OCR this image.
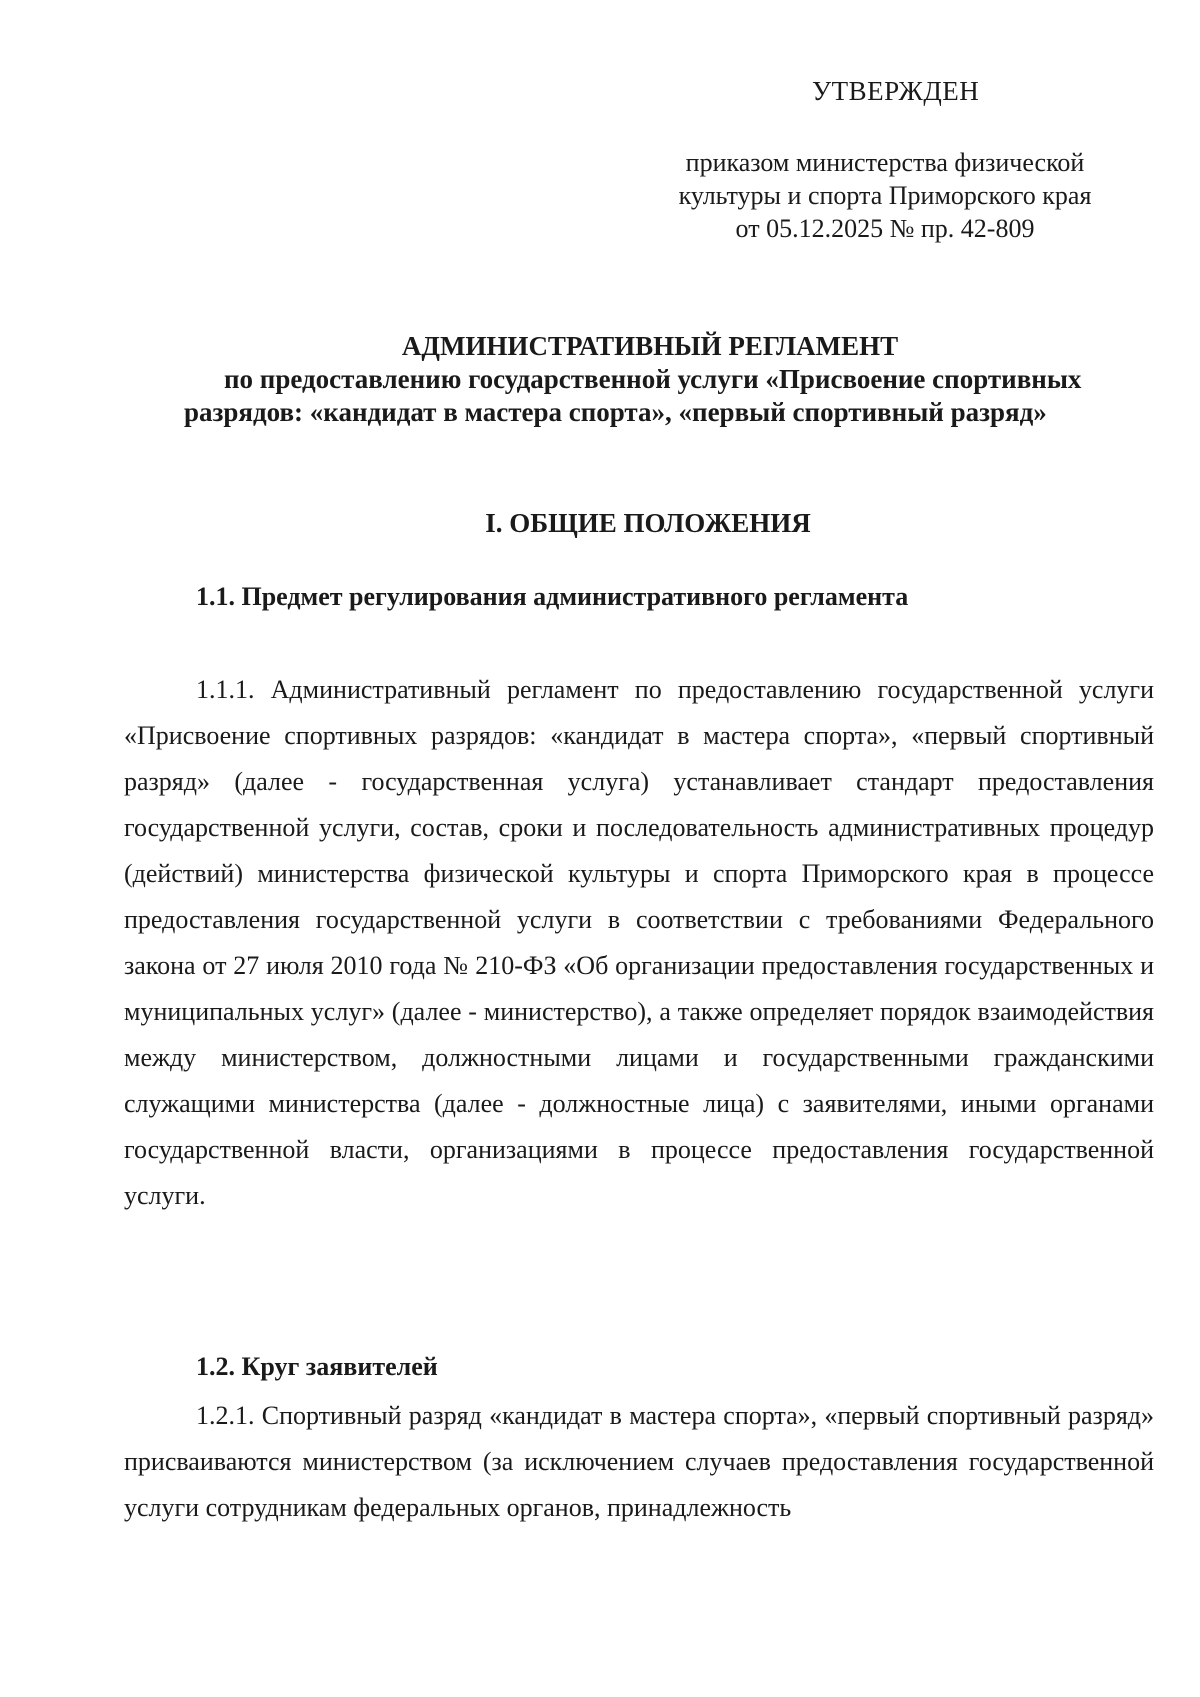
УТВЕРЖДЕН
приказом министерства физической
культуры и спорта Приморского края
от 05.12.2025 № пр. 42-809
АДМИНИСТРАТИВНЫЙ РЕГЛАМЕНТ
по предоставлению государственной услуги «Присвоение спортивных
разрядов: «кандидат в мастера спорта», «первый спортивный разряд»
I. ОБЩИЕ ПОЛОЖЕНИЯ
1.1. Предмет регулирования административного регламента

1.1.1. Административный регламент по предоставлению государственной услуги «Присвоение спортивных разрядов: «кандидат в мастера спорта», «первый спортивный разряд» (далее - государственная услуга) устанавливает стандарт предоставления государственной услуги, состав, сроки и последовательность административных процедур (действий) министерства физической культуры и спорта Приморского края в процессе предоставления государственной услуги в соответствии с требованиями Федерального закона от 27 июля 2010 года № 210-ФЗ «Об организации предоставления государственных и муниципальных услуг» (далее - министерство), а также определяет порядок взаимодействия между министерством, должностными лицами и государственными гражданскими служащими министерства (далее - должностные лица) с заявителями, иными органами государственной власти, организациями в процессе предоставления государственной услуги.

1.2. Круг заявителей

1.2.1. Спортивный разряд «кандидат в мастера спорта», «первый спортивный разряд» присваиваются министерством (за исключением случаев предоставления государственной услуги сотрудникам федеральных органов, принадлежность
